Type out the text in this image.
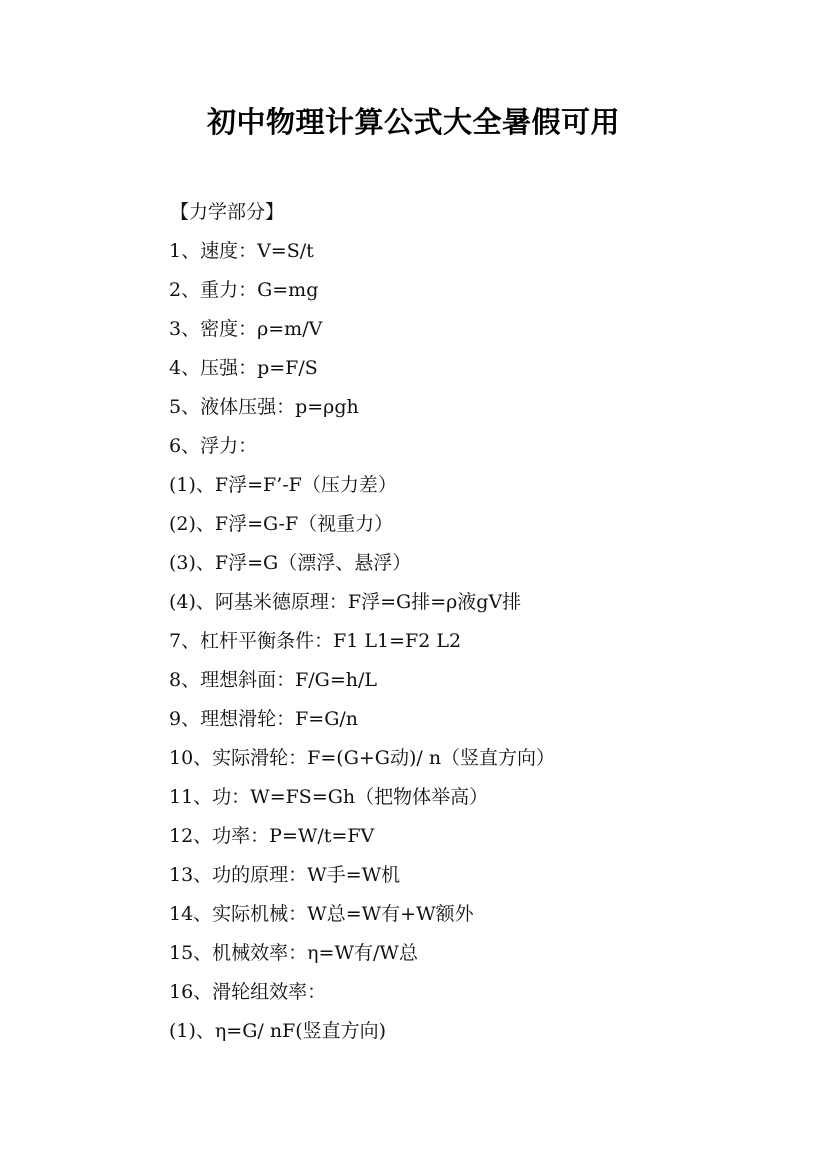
初中物理计算公式大全暑假可用
【力学部分】
1、速度：V=S/t
2、重力：G=mg
3、密度：ρ=m/V
4、压强：p=F/S
5、液体压强：p=ρgh
6、浮力：
(1)、F浮=F’-F（压力差）
(2)、F浮=G-F（视重力）
(3)、F浮=G（漂浮、悬浮）
(4)、阿基米德原理：F浮=G排=ρ液gV排
7、杠杆平衡条件：F1 L1=F2 L2
8、理想斜面：F/G=h/L
9、理想滑轮：F=G/n
10、实际滑轮：F=(G+G动)/ n（竖直方向）
11、功：W=FS=Gh（把物体举高）
12、功率：P=W/t=FV
13、功的原理：W手=W机
14、实际机械：W总=W有+W额外
15、机械效率：η=W有/W总
16、滑轮组效率：
(1)、η=G/ nF(竖直方向)
